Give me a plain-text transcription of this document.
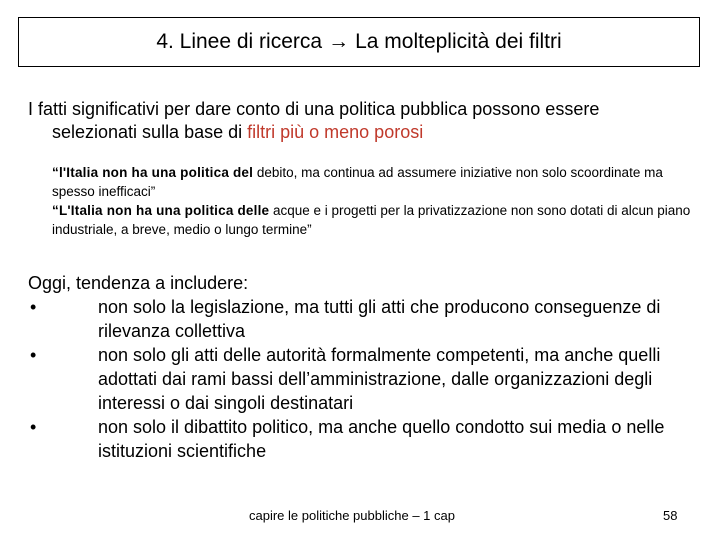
4. Linee di ricerca → La molteplicità dei filtri
I fatti significativi per dare conto di una politica pubblica possono essere
selezionati sulla base di filtri più o meno porosi

“l'Italia non ha una politica del debito, ma continua ad assumere iniziative non solo scoordinate ma spesso inefficaci”

“L'Italia non ha una politica delle acque e i progetti per la privatizzazione non sono dotati di alcun piano industriale, a breve, medio o lungo termine”

Oggi, tendenza a includere:
•	non solo la legislazione, ma tutti gli atti che producono conseguenze di rilevanza collettiva
•	non solo gli atti delle autorità formalmente competenti, ma anche quelli adottati dai rami bassi dell’amministrazione, dalle organizzazioni degli interessi o dai singoli destinatari
•	non solo il dibattito politico, ma anche quello condotto sui media o nelle istituzioni scientifiche
capire le politiche pubbliche – 1 cap	58
